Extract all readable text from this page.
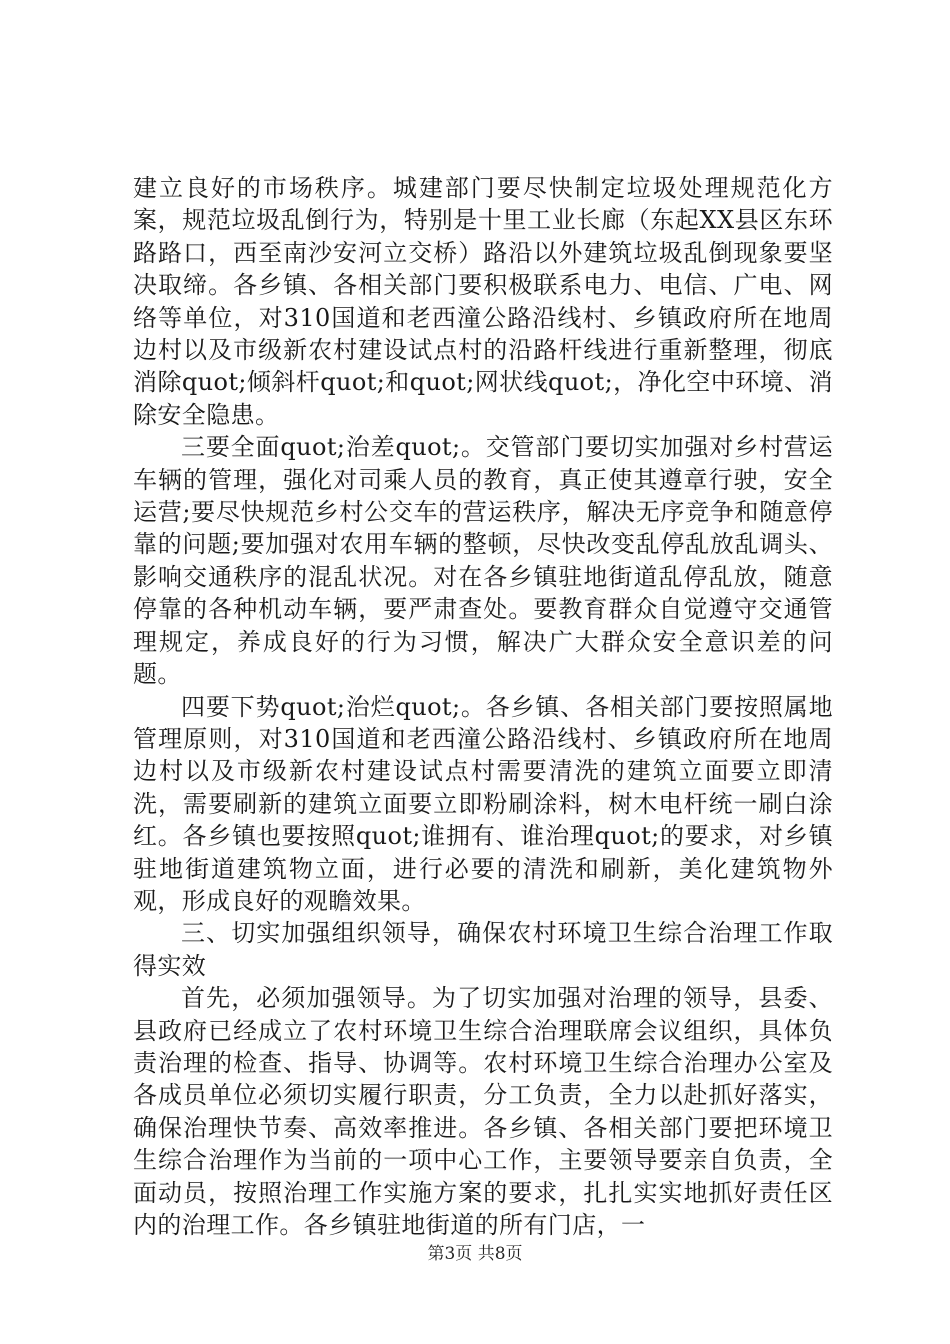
建立良好的市场秩序。城建部门要尽快制定垃圾处理规范化方案，规范垃圾乱倒行为，特别是十里工业长廊（东起XX县区东环路路口，西至南沙安河立交桥）路沿以外建筑垃圾乱倒现象要坚决取缔。各乡镇、各相关部门要积极联系电力、电信、广电、网络等单位，对310国道和老西潼公路沿线村、乡镇政府所在地周边村以及市级新农村建设试点村的沿路杆线进行重新整理，彻底消除quot;倾斜杆quot;和quot;网状线quot;，净化空中环境、消除安全隐患。

三要全面quot;治差quot;。交管部门要切实加强对乡村营运车辆的管理，强化对司乘人员的教育，真正使其遵章行驶，安全运营;要尽快规范乡村公交车的营运秩序，解决无序竞争和随意停靠的问题;要加强对农用车辆的整顿，尽快改变乱停乱放乱调头、影响交通秩序的混乱状况。对在各乡镇驻地街道乱停乱放，随意停靠的各种机动车辆，要严肃查处。要教育群众自觉遵守交通管理规定，养成良好的行为习惯，解决广大群众安全意识差的问题。

四要下势quot;治烂quot;。各乡镇、各相关部门要按照属地管理原则，对310国道和老西潼公路沿线村、乡镇政府所在地周边村以及市级新农村建设试点村需要清洗的建筑立面要立即清洗，需要刷新的建筑立面要立即粉刷涂料，树木电杆统一刷白涂红。各乡镇也要按照quot;谁拥有、谁治理quot;的要求，对乡镇驻地街道建筑物立面，进行必要的清洗和刷新，美化建筑物外观，形成良好的观瞻效果。

三、切实加强组织领导，确保农村环境卫生综合治理工作取得实效

首先，必须加强领导。为了切实加强对治理的领导，县委、县政府已经成立了农村环境卫生综合治理联席会议组织，具体负责治理的检查、指导、协调等。农村环境卫生综合治理办公室及各成员单位必须切实履行职责，分工负责，全力以赴抓好落实，确保治理快节奏、高效率推进。各乡镇、各相关部门要把环境卫生综合治理作为当前的一项中心工作，主要领导要亲自负责，全面动员，按照治理工作实施方案的要求，扎扎实实地抓好责任区内的治理工作。各乡镇驻地街道的所有门店，一

第3页 共8页
